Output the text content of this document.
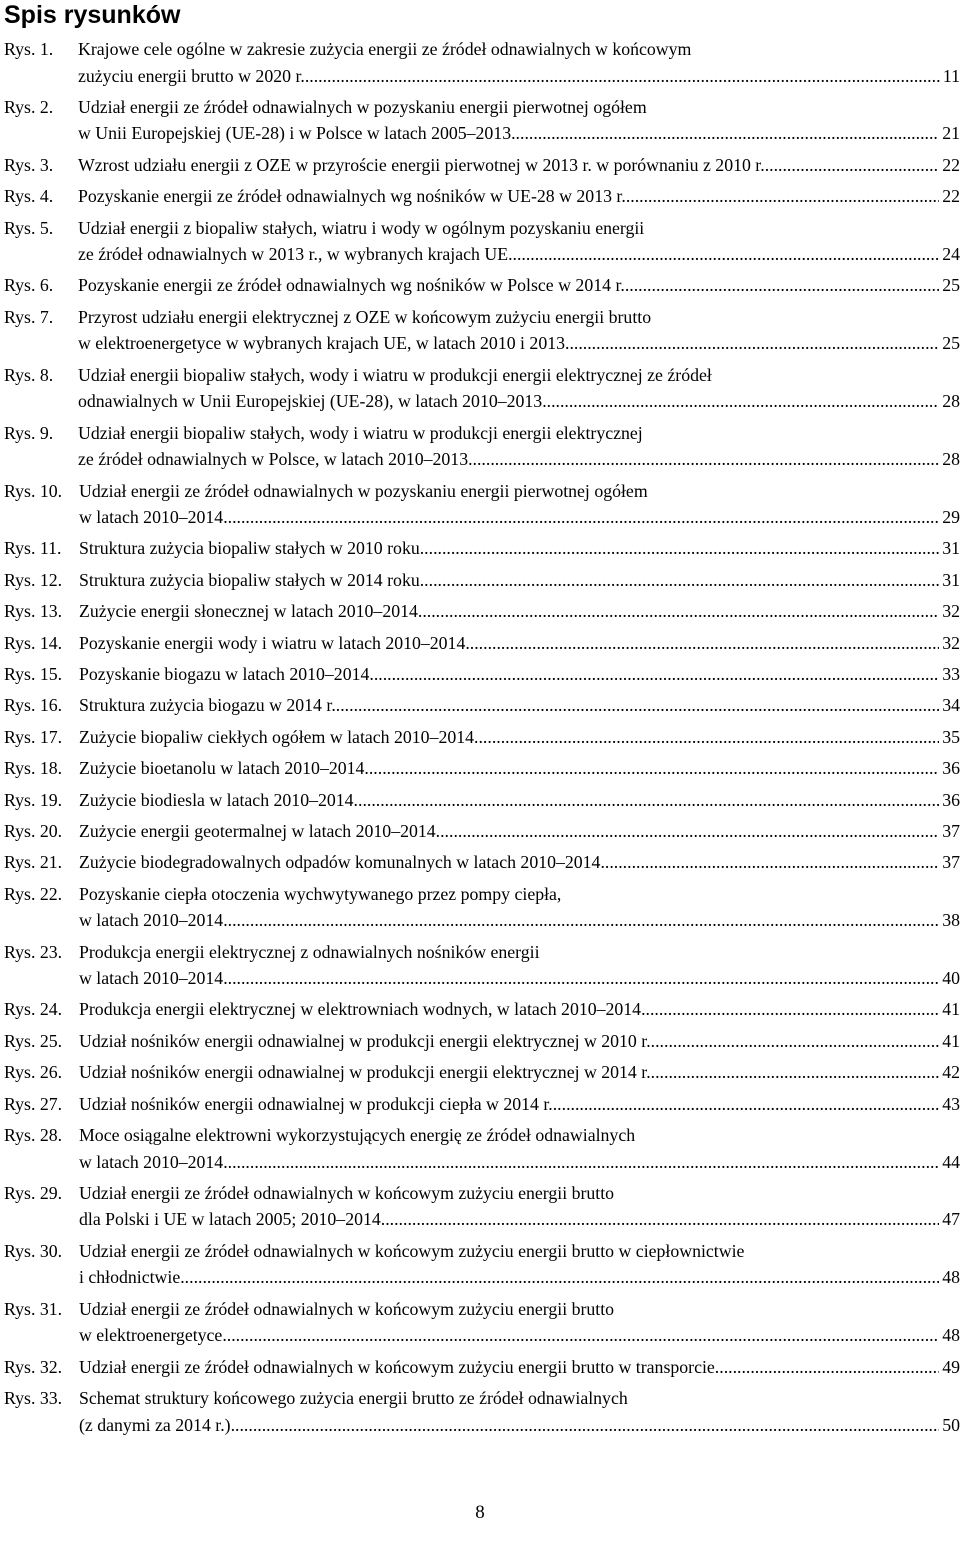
Spis rysunków
Rys. 1.	Krajowe cele ogólne w zakresie zużycia energii ze źródeł odnawialnych w końcowym
zużyciu energii brutto w 2020 r. .....	11
Rys. 2.	Udział energii ze źródeł odnawialnych w pozyskaniu energii pierwotnej ogółem
w Unii Europejskiej (UE-28) i w Polsce w latach 2005‒2013. .....	21
Rys. 3.	Wzrost udziału energii z OZE w przyroście energii pierwotnej w 2013 r. w porównaniu z 2010 r. .....	22
Rys. 4.	Pozyskanie energii ze źródeł odnawialnych wg nośników w UE-28 w 2013 r. .....	22
Rys. 5.	Udział energii z biopaliw stałych, wiatru i wody w ogólnym pozyskaniu energii
ze źródeł odnawialnych w 2013 r., w wybranych krajach UE .....	24
Rys. 6.	Pozyskanie energii ze źródeł odnawialnych wg nośników w Polsce w 2014 r. .....	25
Rys. 7.	Przyrost udziału energii elektrycznej z OZE w końcowym zużyciu energii brutto
w elektroenergetyce w wybranych krajach UE, w latach 2010 i 2013 .....	25
Rys. 8.	Udział energii biopaliw stałych, wody i wiatru w produkcji energii elektrycznej ze źródeł
odnawialnych w Unii Europejskiej (UE-28), w latach 2010‒2013 .....	28
Rys. 9.	Udział energii biopaliw stałych, wody i wiatru w produkcji energii elektrycznej
ze źródeł odnawialnych w Polsce, w latach 2010‒2013 .....	28
Rys. 10. Udział energii ze źródeł odnawialnych w pozyskaniu energii pierwotnej ogółem
w latach 2010‒2014 .....	29
Rys. 11. Struktura zużycia biopaliw stałych w 2010 roku .....	31
Rys. 12. Struktura zużycia biopaliw stałych w 2014 roku .....	31
Rys. 13. Zużycie energii słonecznej w latach 2010‒2014 .....	32
Rys. 14. Pozyskanie energii wody i wiatru w latach 2010‒2014 .....	32
Rys. 15. Pozyskanie biogazu w latach 2010‒2014 .....	33
Rys. 16. Struktura zużycia biogazu w 2014 r. .....	34
Rys. 17. Zużycie biopaliw ciekłych ogółem w latach 2010‒2014 .....	35
Rys. 18. Zużycie bioetanolu w latach 2010‒2014 .....	36
Rys. 19. Zużycie biodiesla w latach 2010‒2014 .....	36
Rys. 20. Zużycie energii geotermalnej w latach 2010‒2014 .....	37
Rys. 21. Zużycie biodegradowalnych odpadów komunalnych w latach 2010‒2014 .....	37
Rys. 22. Pozyskanie ciepła otoczenia wychwytywanego przez pompy ciepła,
w latach 2010‒2014 .....	38
Rys. 23. Produkcja energii elektrycznej z odnawialnych nośników energii
w latach 2010‒2014 .....	40
Rys. 24. Produkcja energii elektrycznej w elektrowniach wodnych, w latach 2010‒2014 .....	41
Rys. 25. Udział nośników energii odnawialnej w produkcji energii elektrycznej w 2010 r. .....	41
Rys. 26. Udział nośników energii odnawialnej w produkcji energii elektrycznej w 2014 r. .....	42
Rys. 27. Udział nośników energii odnawialnej w produkcji ciepła w 2014 r. .....	43
Rys. 28. Moce osiągalne elektrowni wykorzystujących energię ze źródeł odnawialnych
w latach 2010‒2014 .....	44
Rys. 29. Udział energii ze źródeł odnawialnych w końcowym zużyciu energii brutto
dla Polski i UE w latach 2005; 2010‒2014 .....	47
Rys. 30. Udział energii ze źródeł odnawialnych w końcowym zużyciu energii brutto w ciepłownictwie
i chłodnictwie .....	48
Rys. 31. Udział energii ze źródeł odnawialnych w końcowym zużyciu energii brutto
w elektroenergetyce .....	48
Rys. 32. Udział energii ze źródeł odnawialnych w końcowym zużyciu energii brutto w transporcie .....	49
Rys. 33. Schemat struktury końcowego zużycia energii brutto ze źródeł odnawialnych
(z danymi za 2014 r.) .....	50
8
